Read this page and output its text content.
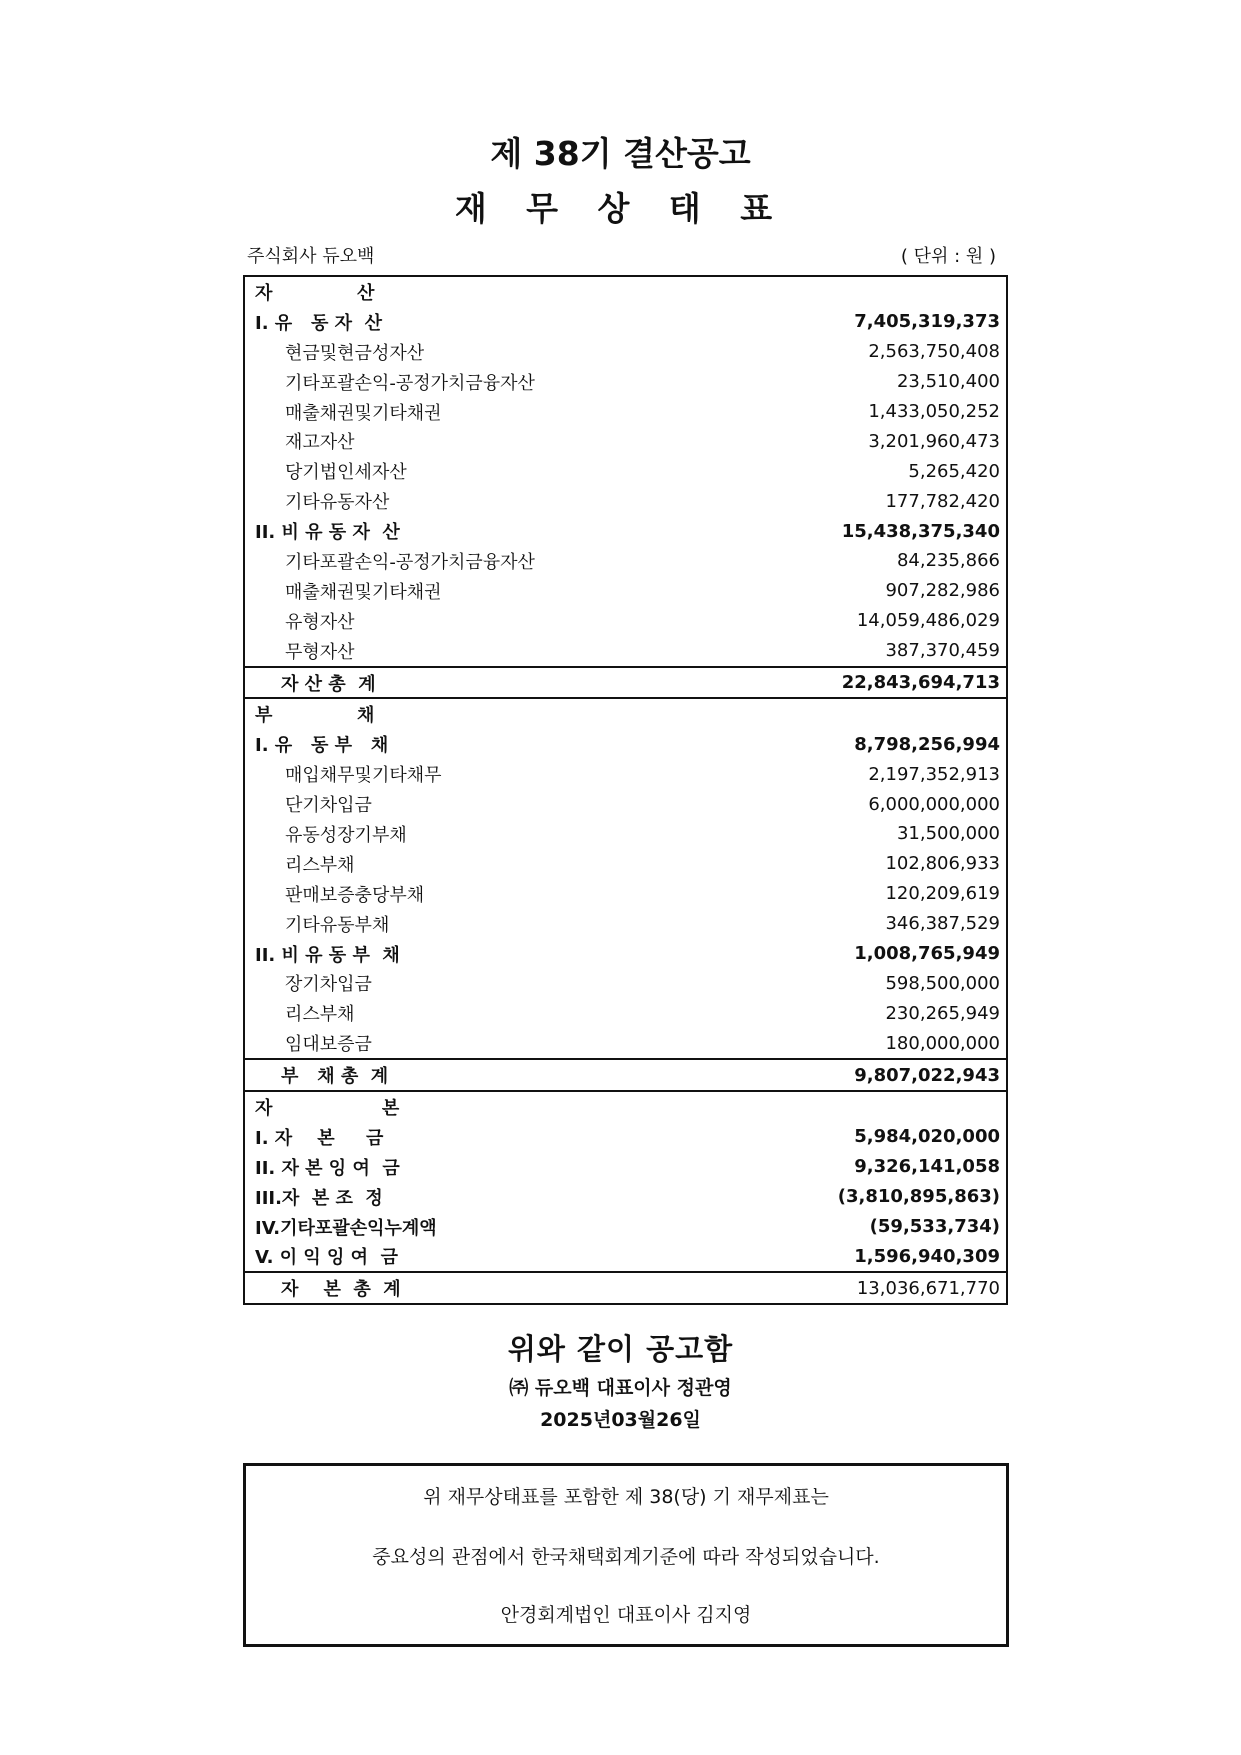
제 38기 결산공고
재 무 상 태 표
주식회사 듀오백	( 단위 : 원 )
자          산
I. 유   동 자  산	7,405,319,373
현금및현금성자산	2,563,750,408
기타포괄손익-공정가치금융자산	23,510,400
매출채권및기타채권	1,433,050,252
재고자산	3,201,960,473
당기법인세자산	5,265,420
기타유동자산	177,782,420
II. 비 유 동 자  산	15,438,375,340
기타포괄손익-공정가치금융자산	84,235,866
매출채권및기타채권	907,282,986
유형자산	14,059,486,029
무형자산	387,370,459
자 산 총  계	22,843,694,713
부          채
I. 유   동 부   채	8,798,256,994
매입채무및기타채무	2,197,352,913
단기차입금	6,000,000,000
유동성장기부채	31,500,000
리스부채	102,806,933
판매보증충당부채	120,209,619
기타유동부채	346,387,529
II. 비 유 동 부  채	1,008,765,949
장기차입금	598,500,000
리스부채	230,265,949
임대보증금	180,000,000
부   채 총  계	9,807,022,943
자             본
I. 자    본     금	5,984,020,000
II. 자 본 잉 여  금	9,326,141,058
III.자  본 조  정	(3,810,895,863)
IV.기타포괄손익누계액	(59,533,734)
V. 이 익 잉 여  금	1,596,940,309
자    본  총  계	13,036,671,770
위와 같이 공고함
㈜ 듀오백 대표이사 정관영
2025년03월26일
위 재무상태표를 포함한 제 38(당) 기 재무제표는
중요성의 관점에서 한국채택회계기준에 따라 작성되었습니다.
안경회계법인 대표이사 김지영
